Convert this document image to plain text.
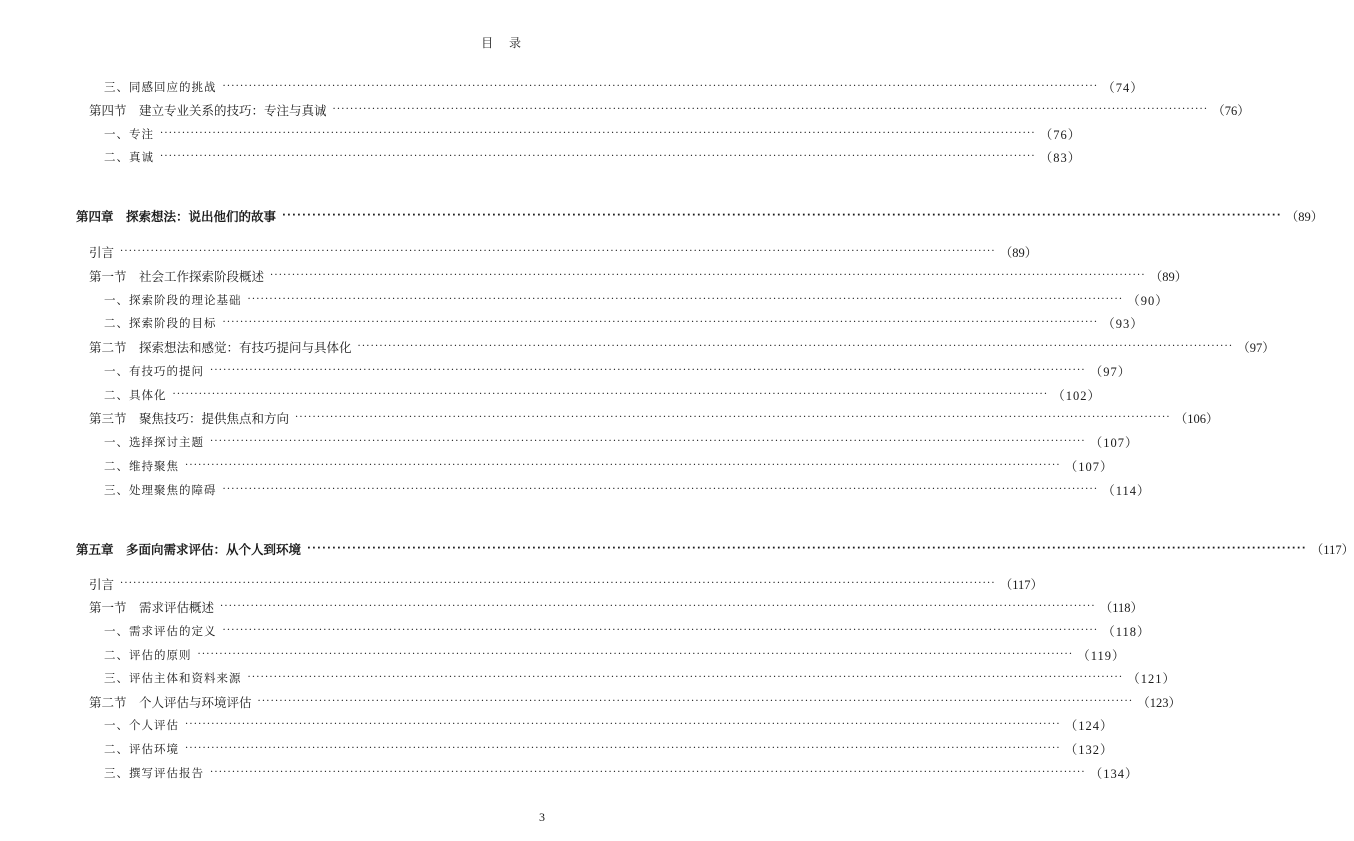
目 录
三、同感回应的挑战 ········································································································································································································ （74）
第四节　建立专业关系的技巧：专注与真诚 ········································································································································································································ （76）
一、专注 ········································································································································································································ （76）
二、真诚 ········································································································································································································ （83）
第四章　探索想法：说出他们的故事 ········································································································································································································ （89）
引言 ········································································································································································································ （89）
第一节　社会工作探索阶段概述 ········································································································································································································ （89）
一、探索阶段的理论基础 ········································································································································································································ （90）
二、探索阶段的目标 ········································································································································································································ （93）
第二节　探索想法和感觉：有技巧提问与具体化 ········································································································································································································ （97）
一、有技巧的提问 ········································································································································································································ （97）
二、具体化 ········································································································································································································ （102）
第三节　聚焦技巧：提供焦点和方向 ········································································································································································································ （106）
一、选择探讨主题 ········································································································································································································ （107）
二、维持聚焦 ········································································································································································································ （107）
三、处理聚焦的障碍 ········································································································································································································ （114）
第五章　多面向需求评估：从个人到环境 ········································································································································································································ （117）
引言 ········································································································································································································ （117）
第一节　需求评估概述 ········································································································································································································ （118）
一、需求评估的定义 ········································································································································································································ （118）
二、评估的原则 ········································································································································································································ （119）
三、评估主体和资料来源 ········································································································································································································ （121）
第二节　个人评估与环境评估 ········································································································································································································ （123）
一、个人评估 ········································································································································································································ （124）
二、评估环境 ········································································································································································································ （132）
三、撰写评估报告 ········································································································································································································ （134）
3
